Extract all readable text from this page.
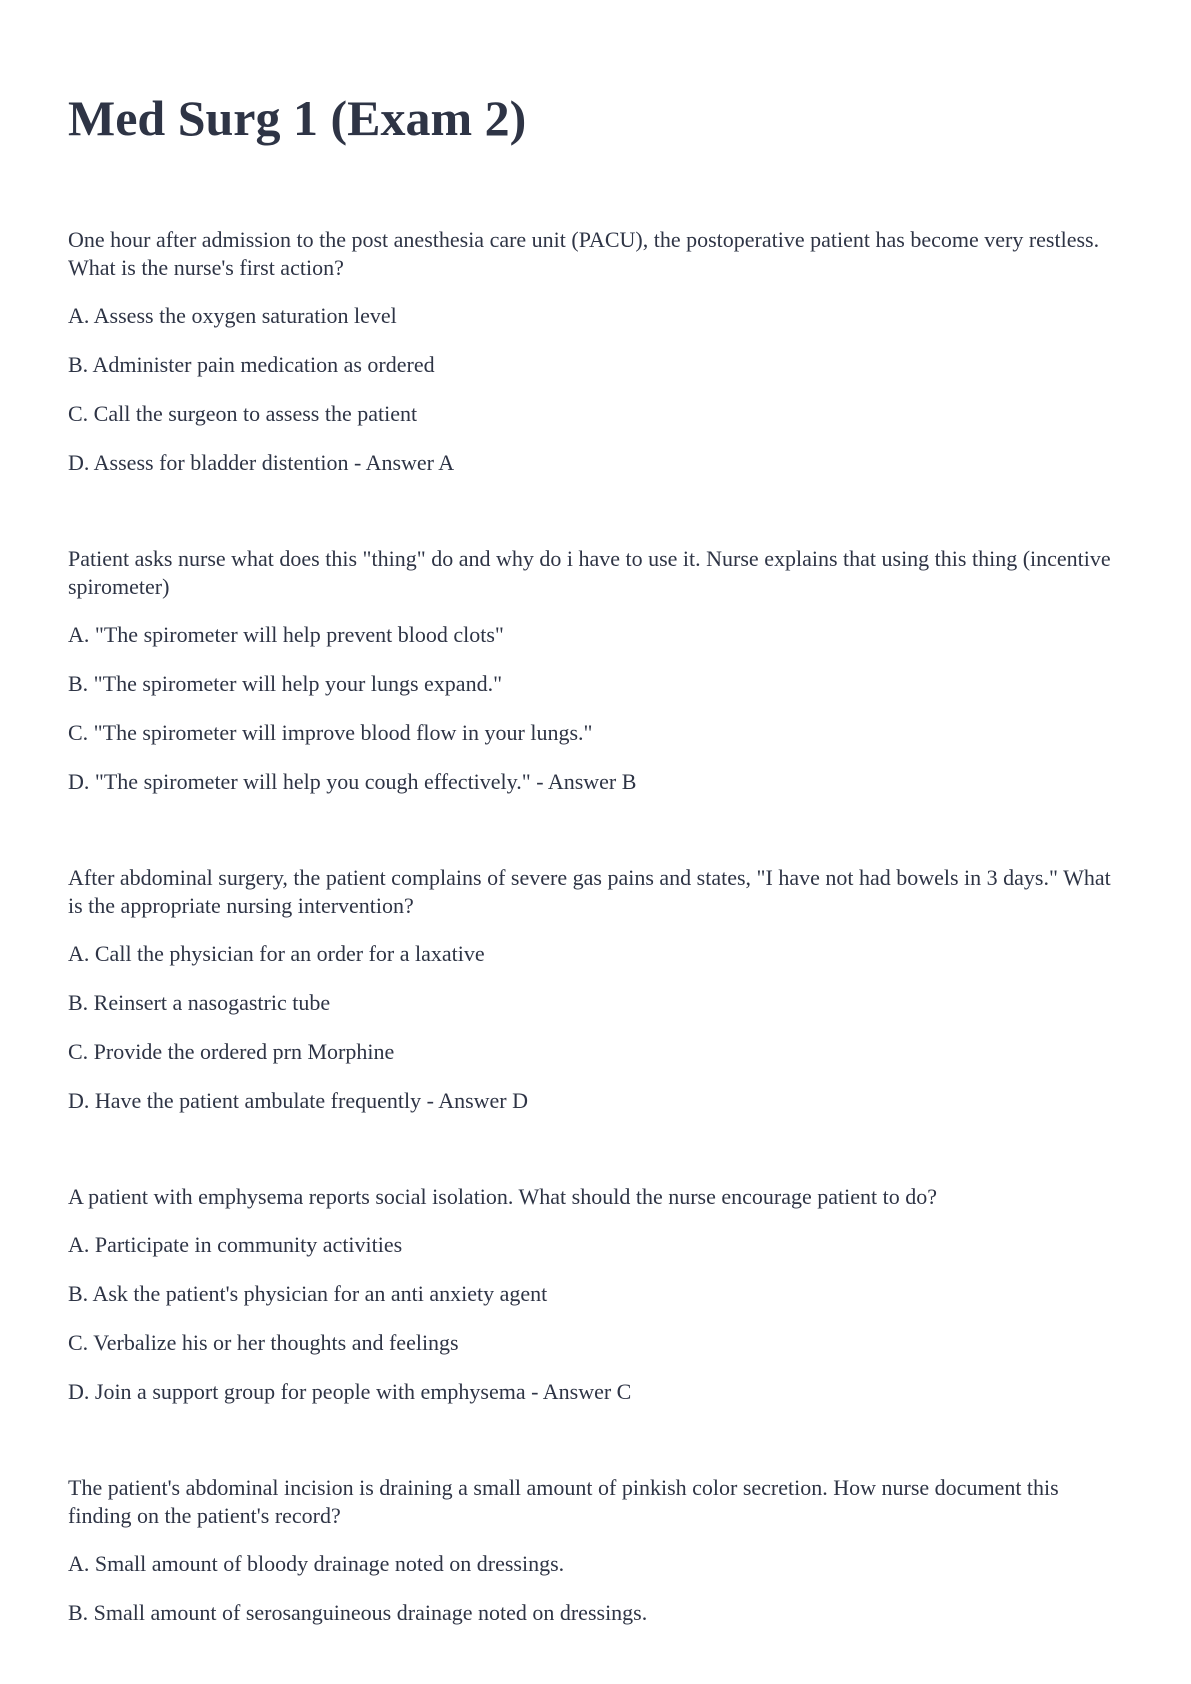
Med Surg 1 (Exam 2)

One hour after admission to the post anesthesia care unit (PACU), the postoperative patient has become very restless. What is the nurse's first action?

A. Assess the oxygen saturation level

B. Administer pain medication as ordered

C. Call the surgeon to assess the patient

D. Assess for bladder distention - Answer A

Patient asks nurse what does this "thing" do and why do i have to use it. Nurse explains that using this thing (incentive spirometer)

A. "The spirometer will help prevent blood clots"

B. "The spirometer will help your lungs expand."

C. "The spirometer will improve blood flow in your lungs."

D. "The spirometer will help you cough effectively." - Answer B

After abdominal surgery, the patient complains of severe gas pains and states, "I have not had bowels in 3 days." What is the appropriate nursing intervention?

A. Call the physician for an order for a laxative

B. Reinsert a nasogastric tube

C. Provide the ordered prn Morphine

D. Have the patient ambulate frequently - Answer D

A patient with emphysema reports social isolation. What should the nurse encourage patient to do?

A. Participate in community activities

B. Ask the patient's physician for an anti anxiety agent

C. Verbalize his or her thoughts and feelings

D. Join a support group for people with emphysema - Answer C

The patient's abdominal incision is draining a small amount of pinkish color secretion. How nurse document this finding on the patient's record?

A. Small amount of bloody drainage noted on dressings.

B. Small amount of serosanguineous drainage noted on dressings.
